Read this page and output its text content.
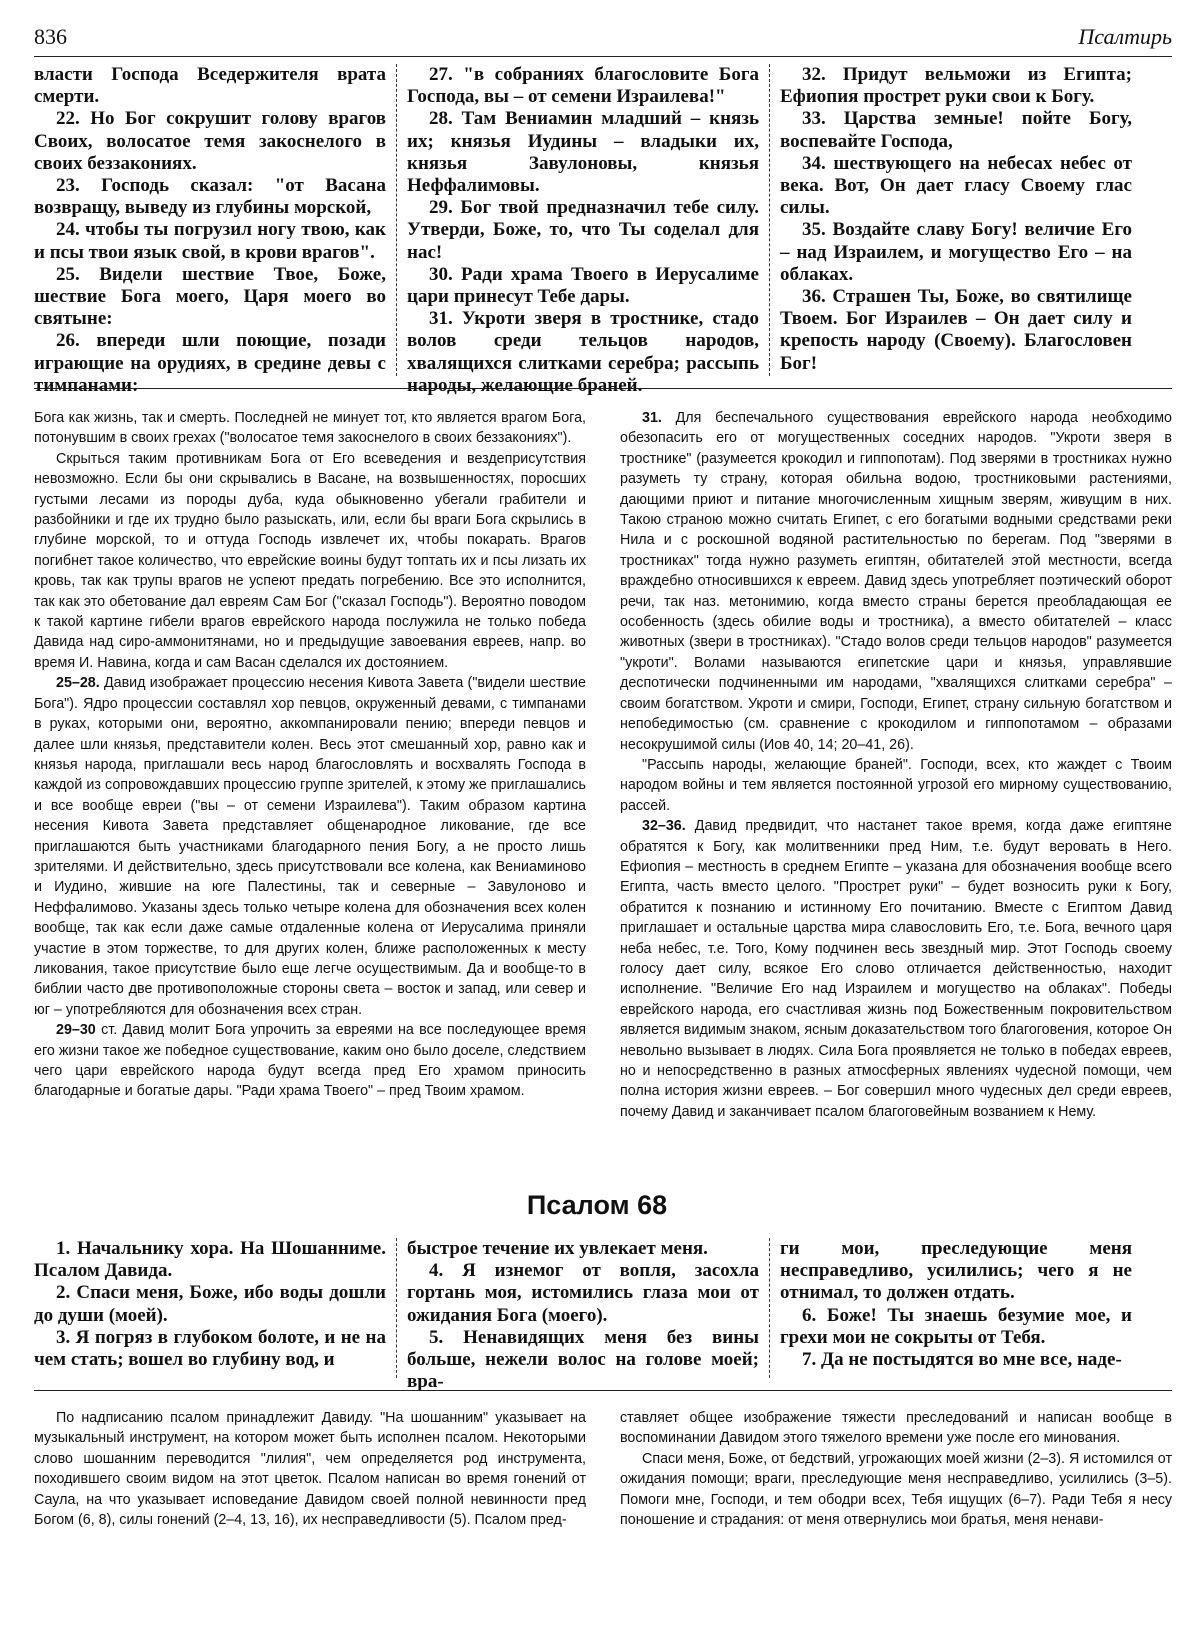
836	Псалтирь

власти Господа Вседержителя врата смерти.

22. Но Бог сокрушит голову врагов Своих, волосатое темя закоснелого в своих беззакониях.

23. Господь сказал: "от Васана возвращу, выведу из глубины морской,

24. чтобы ты погрузил ногу твою, как и псы твои язык свой, в крови врагов".

25. Видели шествие Твое, Боже, шествие Бога моего, Царя моего во святыне:

26. впереди шли поющие, позади играющие на орудиях, в средине девы с тимпанами:

27. "в собраниях благословите Бога Господа, вы – от семени Израилева!"

28. Там Вениамин младший – князь их; князья Иудины – владыки их, князья Завулоновы, князья Неффалимовы.

29. Бог твой предназначил тебе силу. Утверди, Боже, то, что Ты соделал для нас!

30. Ради храма Твоего в Иерусалиме цари принесут Тебе дары.

31. Укроти зверя в тростнике, стадо волов среди тельцов народов, хвалящихся слитками серебра; рассыпь народы, желающие браней.

32. Придут вельможи из Египта; Ефиопия прострет руки свои к Богу.

33. Царства земные! пойте Богу, воспевайте Господа,

34. шествующего на небесах небес от века. Вот, Он дает гласу Своему глас силы.

35. Воздайте славу Богу! величие Его – над Израилем, и могущество Его – на облаках.

36. Страшен Ты, Боже, во святилище Твоем. Бог Израилев – Он дает силу и крепость народу (Своему). Благословен Бог!

Бога как жизнь, так и смерть. Последней не минует тот, кто является врагом Бога, потонувшим в своих грехах ("волосатое темя закоснелого в своих беззакониях").

Скрыться таким противникам Бога от Его всеведения и вездеприсутствия невозможно. Если бы они скрывались в Васане, на возвышенностях, поросших густыми лесами из породы дуба, куда обыкновенно убегали грабители и разбойники и где их трудно было разыскать, или, если бы враги Бога скрылись в глубине морской, то и оттуда Господь извлечет их, чтобы покарать. Врагов погибнет такое количество, что еврейские воины будут топтать их и псы лизать их кровь, так как трупы врагов не успеют предать погребению. Все это исполнится, так как это обетование дал евреям Сам Бог ("сказал Господь"). Вероятно поводом к такой картине гибели врагов еврейского народа послужила не только победа Давида над сиро-аммонитянами, но и предыдущие завоевания евреев, напр. во время И. Навина, когда и сам Васан сделался их достоянием.

25–28. Давид изображает процессию несения Кивота Завета ("видели шествие Бога"). Ядро процессии составлял хор певцов, окруженный девами, с тимпанами в руках, которыми они, вероятно, аккомпанировали пению; впереди певцов и далее шли князья, представители колен. Весь этот смешанный хор, равно как и князья народа, приглашали весь народ благословлять и восхвалять Господа в каждой из сопровождавших процессию группе зрителей, к этому же приглашались и все вообще евреи ("вы – от семени Израилева"). Таким образом картина несения Кивота Завета представляет общенародное ликование, где все приглашаются быть участниками благодарного пения Богу, а не просто лишь зрителями. И действительно, здесь присутствовали все колена, как Вениаминово и Иудино, жившие на юге Палестины, так и северные – Завулоново и Неффалимово. Указаны здесь только четыре колена для обозначения всех колен вообще, так как если даже самые отдаленные колена от Иерусалима приняли участие в этом торжестве, то для других колен, ближе расположенных к месту ликования, такое присутствие было еще легче осуществимым. Да и вообще-то в библии часто две противоположные стороны света – восток и запад, или север и юг – употребляются для обозначения всех стран.

29–30 ст. Давид молит Бога упрочить за евреями на все последующее время его жизни такое же победное существование, каким оно было доселе, следствием чего цари еврейского народа будут всегда пред Его храмом приносить благодарные и богатые дары. "Ради храма Твоего" – пред Твоим храмом.

31. Для беспечального существования еврейского народа необходимо обезопасить его от могущественных соседних народов. "Укроти зверя в тростнике" (разумеется крокодил и гиппопотам). Под зверями в тростниках нужно разуметь ту страну, которая обильна водою, тростниковыми растениями, дающими приют и питание многочисленным хищным зверям, живущим в них. Такою страною можно считать Египет, с его богатыми водными средствами реки Нила и с роскошной водяной растительностью по берегам. Под "зверями в тростниках" тогда нужно разуметь египтян, обитателей этой местности, всегда враждебно относившихся к евреем. Давид здесь употребляет поэтический оборот речи, так наз. метонимию, когда вместо страны берется преобладающая ее особенность (здесь обилие воды и тростника), а вместо обитателей – класс животных (звери в тростниках). "Стадо волов среди тельцов народов" разумеется "укроти". Волами называются египетские цари и князья, управлявшие деспотически подчиненными им народами, "хвалящихся слитками серебра" – своим богатством. Укроти и смири, Господи, Египет, страну сильную богатством и непобедимостью (см. сравнение с крокодилом и гиппопотамом – образами несокрушимой силы (Иов 40, 14; 20–41, 26).

"Рассыпь народы, желающие браней". Господи, всех, кто жаждет с Твоим народом войны и тем является постоянной угрозой его мирному существованию, рассей.

32–36. Давид предвидит, что настанет такое время, когда даже египтяне обратятся к Богу, как молитвенники пред Ним, т.е. будут веровать в Него. Ефиопия – местность в среднем Египте – указана для обозначения вообще всего Египта, часть вместо целого. "Прострет руки" – будет возносить руки к Богу, обратится к познанию и истинному Его почитанию. Вместе с Египтом Давид приглашает и остальные царства мира славословить Его, т.е. Бога, вечного царя неба небес, т.е. Того, Кому подчинен весь звездный мир. Этот Господь своему голосу дает силу, всякое Его слово отличается действенностью, находит исполнение. "Величие Его над Израилем и могущество на облаках". Победы еврейского народа, его счастливая жизнь под Божественным покровительством является видимым знаком, ясным доказательством того благоговения, которое Он невольно вызывает в людях. Сила Бога проявляется не только в победах евреев, но и непосредственно в разных атмосферных явлениях чудесной помощи, чем полна история жизни евреев. – Бог совершил много чудесных дел среди евреев, почему Давид и заканчивает псалом благоговейным возванием к Нему.

Псалом 68

1. Начальнику хора. На Шошанниме. Псалом Давида.

2. Спаси меня, Боже, ибо воды дошли до души (моей).

3. Я погряз в глубоком болоте, и не на чем стать; вошел во глубину вод, и

быстрое течение их увлекает меня.

4. Я изнемог от вопля, засохла гортань моя, истомились глаза мои от ожидания Бога (моего).

5. Ненавидящих меня без вины больше, нежели волос на голове моей; вра-

ги мои, преследующие меня несправедливо, усилились; чего я не отнимал, то должен отдать.

6. Боже! Ты знаешь безумие мое, и грехи мои не сокрыты от Тебя.

7. Да не постыдятся во мне все, наде-

По надписанию псалом принадлежит Давиду. "На шошанним" указывает на музыкальный инструмент, на котором может быть исполнен псалом. Некоторыми слово шошанним переводится "лилия", чем определяется род инструмента, походившего своим видом на этот цветок. Псалом написан во время гонений от Саула, на что указывает исповедание Давидом своей полной невинности пред Богом (6, 8), силы гонений (2–4, 13, 16), их несправедливости (5). Псалом пред-

ставляет общее изображение тяжести преследований и написан вообще в воспоминании Давидом этого тяжелого времени уже после его минования.

Спаси меня, Боже, от бедствий, угрожающих моей жизни (2–3). Я истомился от ожидания помощи; враги, преследующие меня несправедливо, усилились (3–5). Помоги мне, Господи, и тем ободри всех, Тебя ищущих (6–7). Ради Тебя я несу поношение и страдания: от меня отвернулись мои братья, меня ненави-
